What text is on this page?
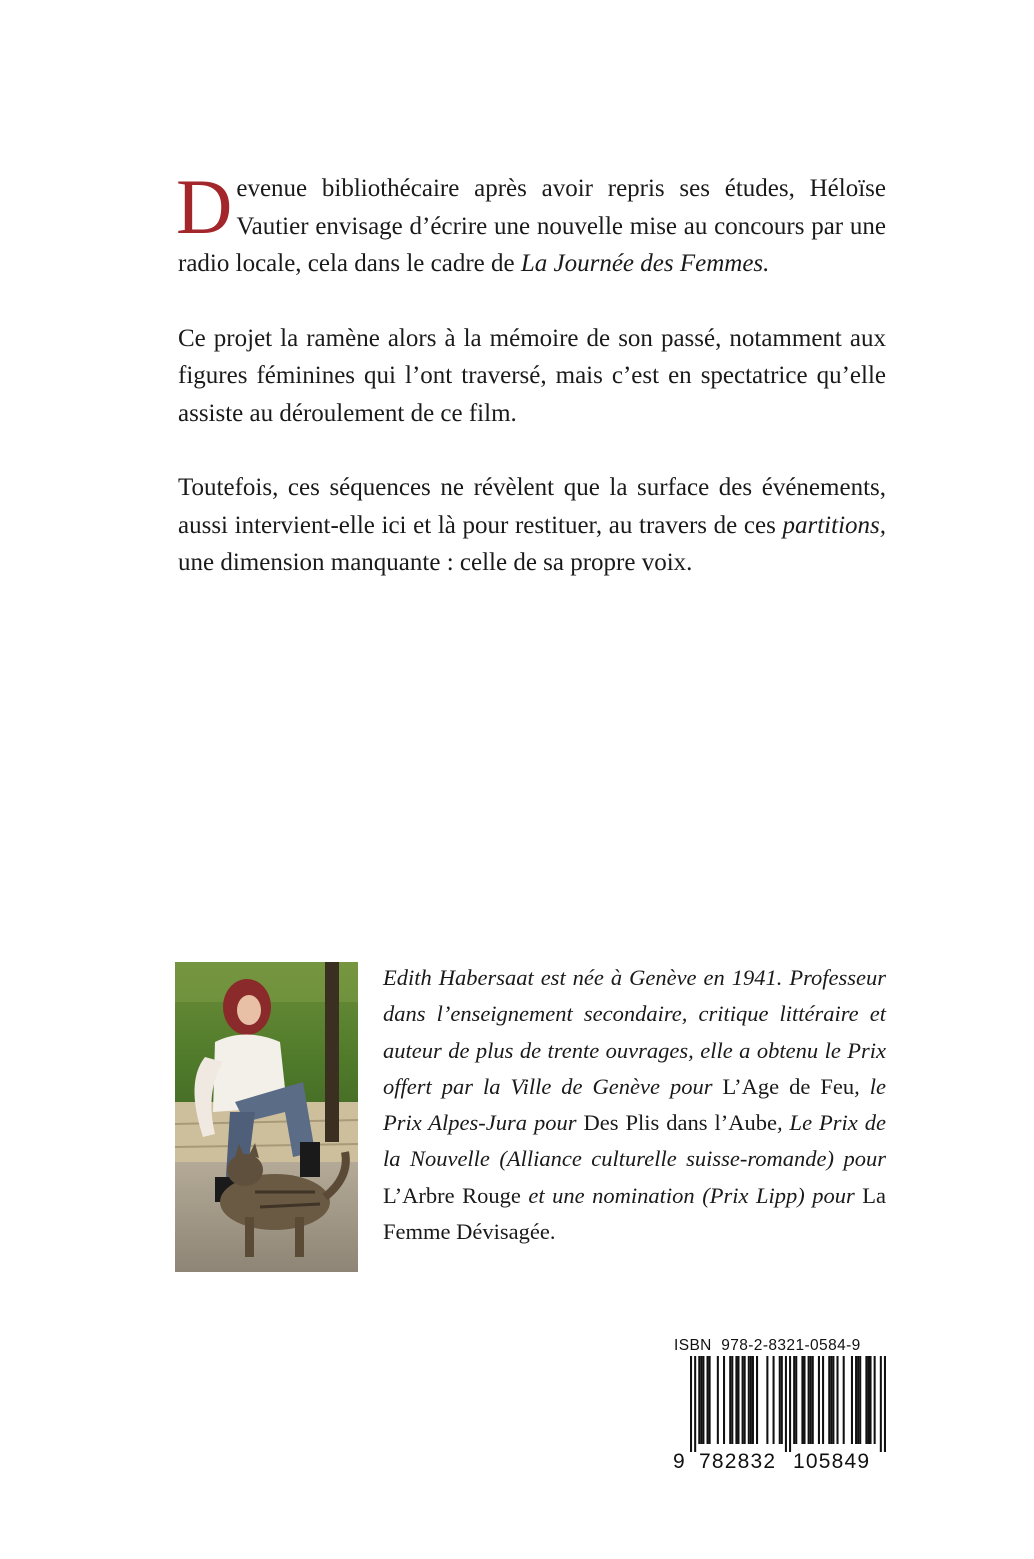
Devenue bibliothécaire après avoir repris ses études, Héloïse Vautier envisage d’écrire une nouvelle mise au concours par une radio locale, cela dans le cadre de La Journée des Femmes.

Ce projet la ramène alors à la mémoire de son passé, notamment aux figures féminines qui l’ont traversé, mais c’est en spectatrice qu’elle assiste au déroulement de ce film.

Toutefois, ces séquences ne révèlent que la surface des événements, aussi intervient-elle ici et là pour restituer, au travers de ces partitions, une dimension manquante : celle de sa propre voix.

Edith Habersaat est née à Genève en 1941. Professeur dans l’enseignement secondaire, critique littéraire et auteur de plus de trente ouvrages, elle a obtenu le Prix offert par la Ville de Genève pour L’Age de Feu, le Prix Alpes-Jura pour Des Plis dans l’Aube, Le Prix de la Nouvelle (Alliance culturelle suisse-romande) pour L’Arbre Rouge et une nomination (Prix Lipp) pour La Femme Dévisagée.

ISBN  978-2-8321-0584-9
9 782832 105849
